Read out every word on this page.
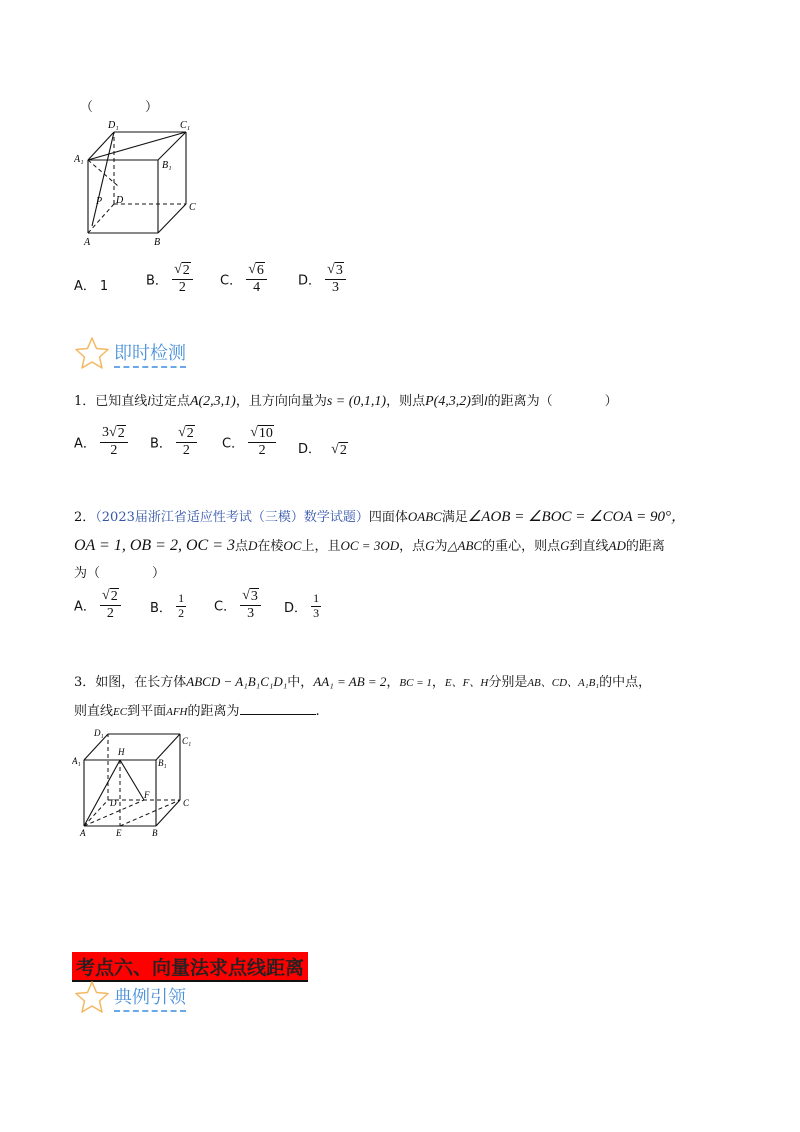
（　　　　）
D₁	C₁
A₁
B₁
P D
C
A	B
A． 1	B． $\frac{√ 2}{2}$ C． $\frac{√ 6}{4}$ D． $\frac{√ 3}{3}$
即时检测
1．已知直线l过定点A(2,3,1)，且方向向量为s = (0,1,1)，则点P(4,3,2)到l的距离为（　　　　）
A． $\frac{3 √ 2}{2}$ B． $\frac{√ 2}{2}$ C． $\frac{√ 10}{2}$ D． √ 2
2．（2023届浙江省适应性考试（三模）数学试题）四面体OABC满足∠AOB = ∠BOC = ∠COA = 90°，
OA = 1, OB = 2, OC = 3点D在棱OC上，且OC = 3OD，点G为△ABC的重心，则点G到直线AD的距离
为（　　　　）
A． $\frac{√ 2}{2}$ B． $\frac{1}{2}$ C． $\frac{√ 3}{3}$ D． $\frac{1}{3}$
3．如图，在长方体ABCD − A₁B₁C₁D₁中，AA₁ = AB = 2，BC = 1，E、F、H分别是AB、CD、A₁B₁的中点，
则直线EC到平面AFH的距离为	.
D₁
C₁
A₁	B₁
H
D
F
C
A	E	B
考点六、向量法求点线距离
典例引领
